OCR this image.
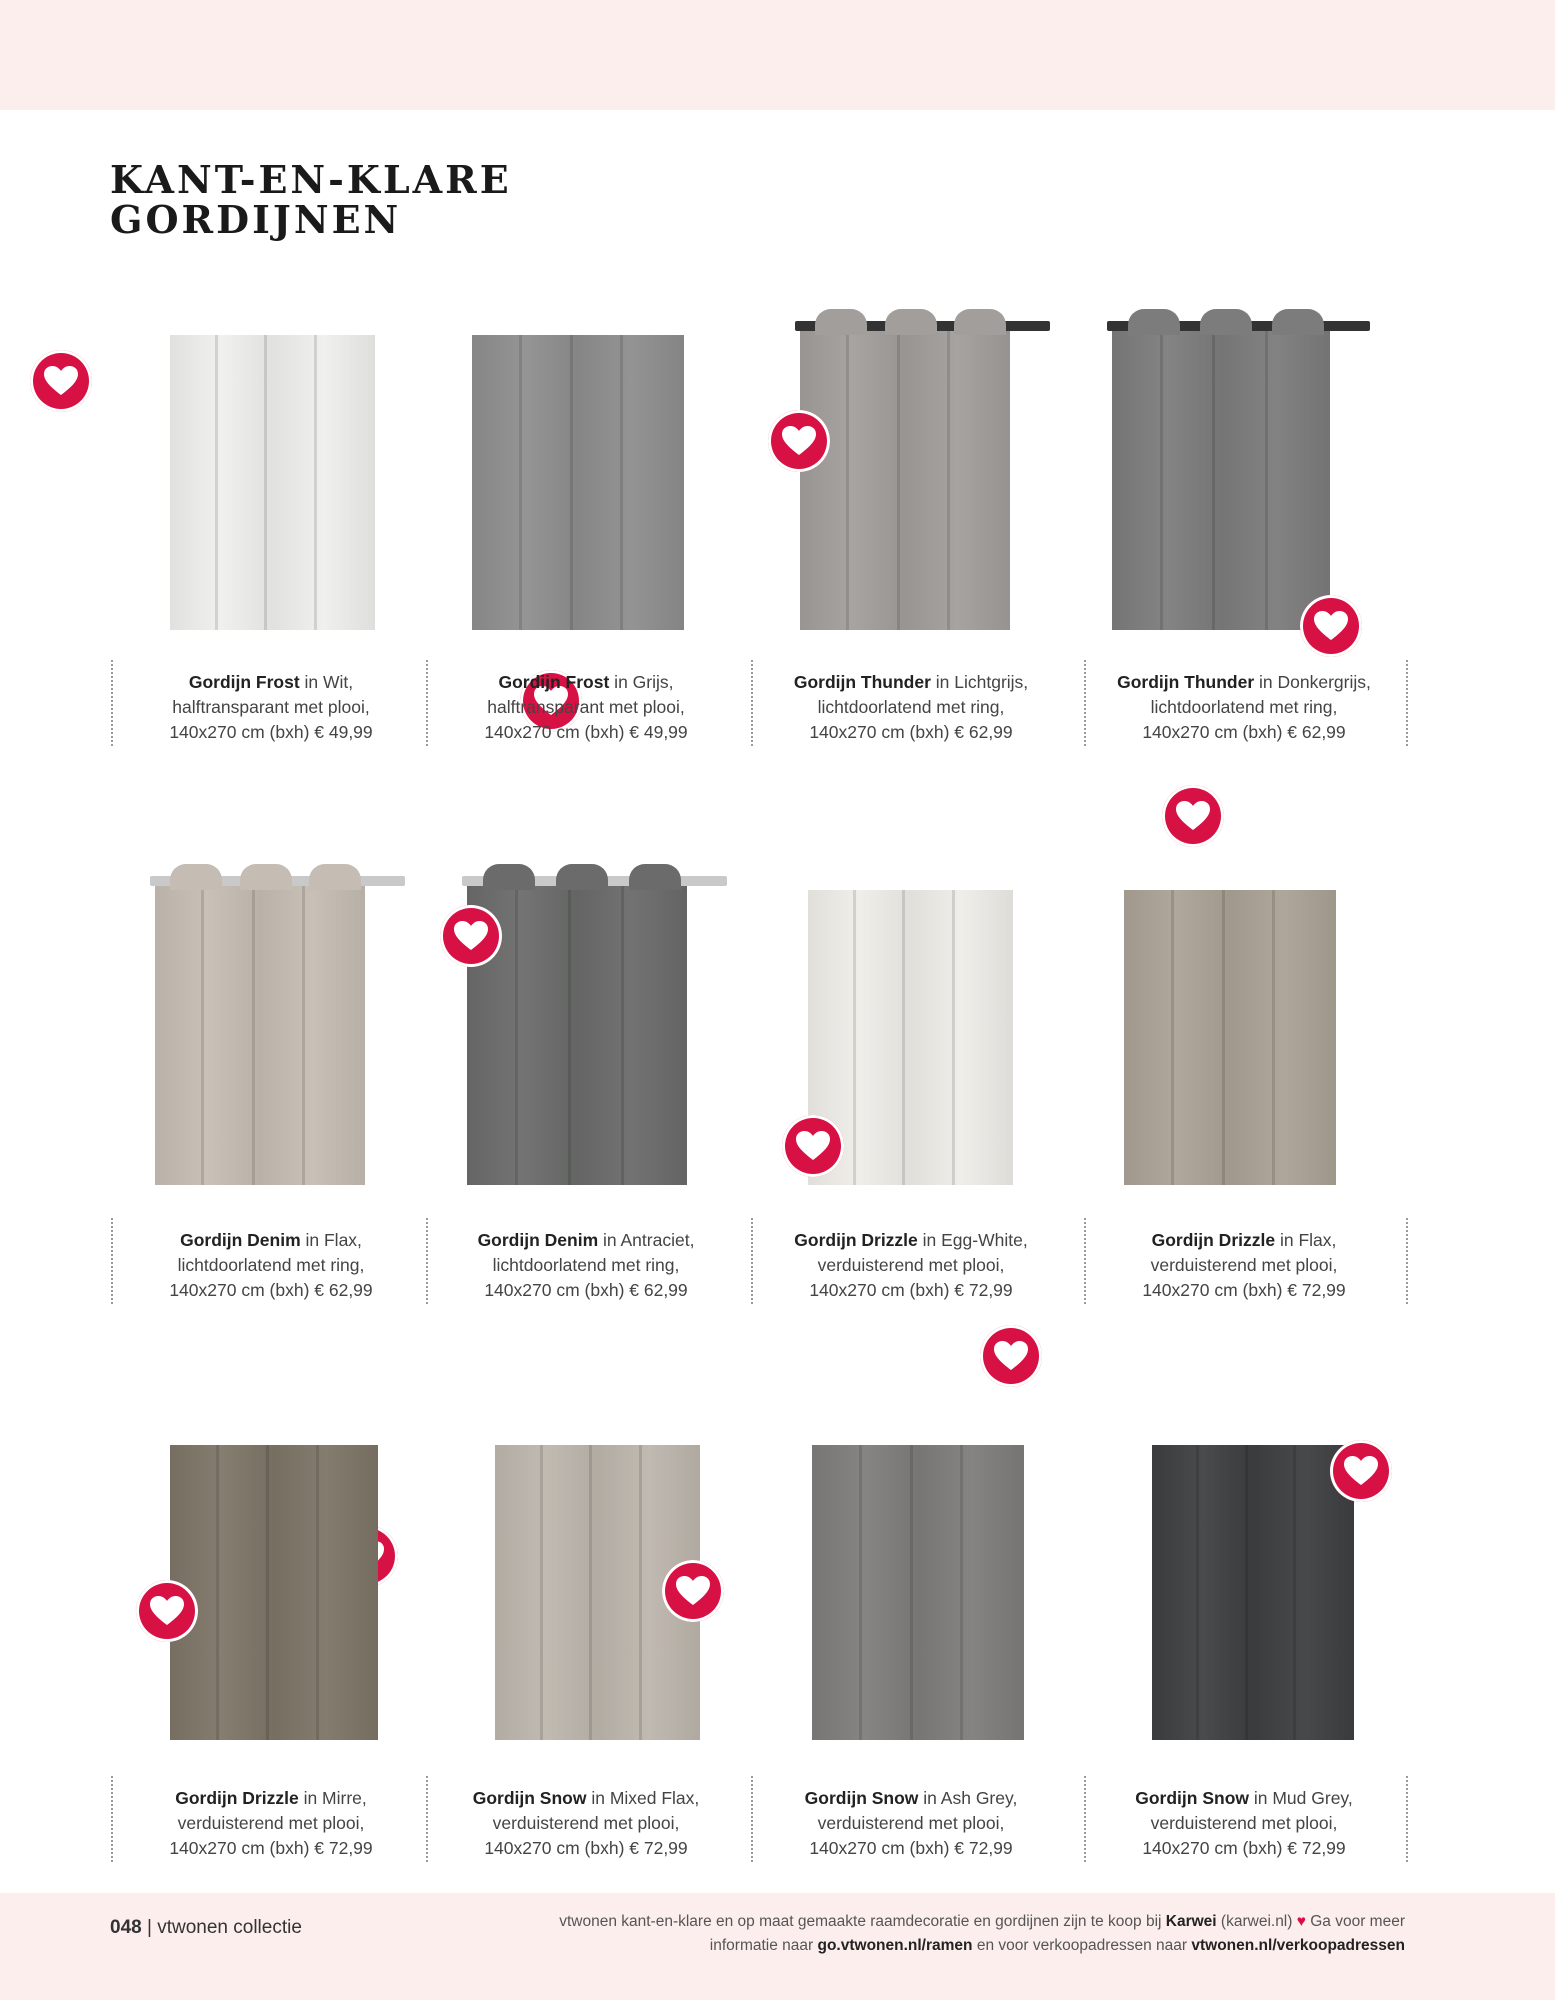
KANT-EN-KLARE
GORDIJNEN
Gordijn Frost in Wit,
halftransparant met plooi,
140x270 cm (bxh) € 49,99
Gordijn Frost in Grijs,
halftransparant met plooi,
140x270 cm (bxh) € 49,99
Gordijn Thunder in Lichtgrijs,
lichtdoorlatend met ring,
140x270 cm (bxh) € 62,99
Gordijn Thunder in Donkergrijs,
lichtdoorlatend met ring,
140x270 cm (bxh) € 62,99
Gordijn Denim in Flax,
lichtdoorlatend met ring,
140x270 cm (bxh) € 62,99
Gordijn Denim in Antraciet,
lichtdoorlatend met ring,
140x270 cm (bxh) € 62,99
Gordijn Drizzle in Egg-White,
verduisterend met plooi,
140x270 cm (bxh) € 72,99
Gordijn Drizzle in Flax,
verduisterend met plooi,
140x270 cm (bxh) € 72,99
Gordijn Drizzle in Mirre,
verduisterend met plooi,
140x270 cm (bxh) € 72,99
Gordijn Snow in Mixed Flax,
verduisterend met plooi,
140x270 cm (bxh) € 72,99
Gordijn Snow in Ash Grey,
verduisterend met plooi,
140x270 cm (bxh) € 72,99
Gordijn Snow in Mud Grey,
verduisterend met plooi,
140x270 cm (bxh) € 72,99
048 | vtwonen collectie	vtwonen kant-en-klare en op maat gemaakte raamdecoratie en gordijnen zijn te koop bij Karwei (karwei.nl) ♥ Ga voor meer
informatie naar go.vtwonen.nl/ramen en voor verkoopadressen naar vtwonen.nl/verkoopadressen
